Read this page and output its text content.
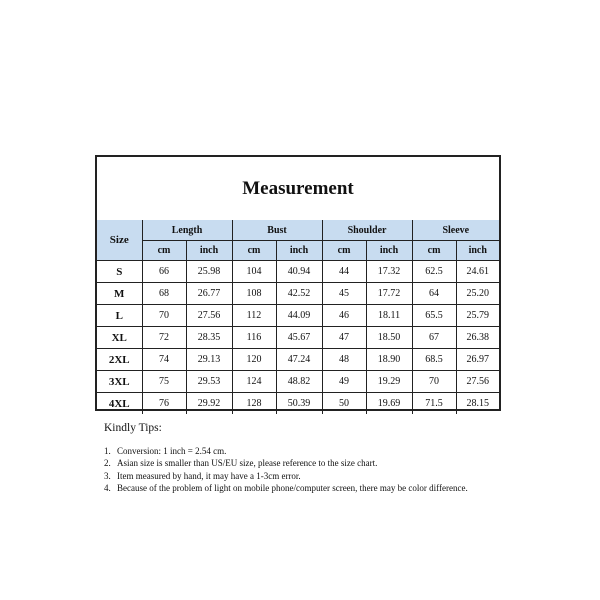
Measurement
Size	Length		Bust		Shoulder		Sleeve	
	cm	inch	cm	inch	cm	inch	cm	inch
S	66	25.98	104	40.94	44	17.32	62.5	24.61
M	68	26.77	108	42.52	45	17.72	64	25.20
L	70	27.56	112	44.09	46	18.11	65.5	25.79
XL	72	28.35	116	45.67	47	18.50	67	26.38
2XL	74	29.13	120	47.24	48	18.90	68.5	26.97
3XL	75	29.53	124	48.82	49	19.29	70	27.56
4XL	76	29.92	128	50.39	50	19.69	71.5	28.15
Kindly Tips:
1. Conversion: 1 inch = 2.54 cm.
2. Asian size is smaller than US/EU size, please reference to the size chart.
3. Item measured by hand, it may have a 1-3cm error.
4. Because of the problem of light on mobile phone/computer screen, there may be color difference.
